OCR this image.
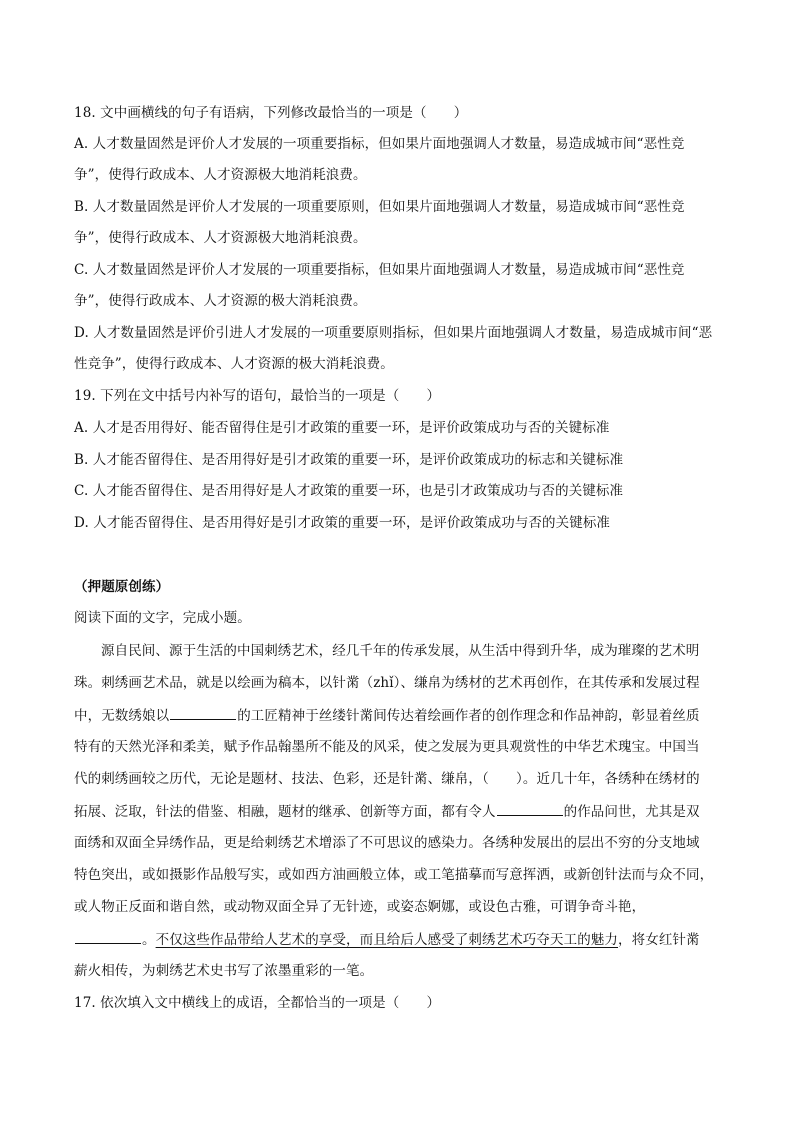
18. 文中画横线的句子有语病，下列修改最恰当的一项是（　　）
A. 人才数量固然是评价人才发展的一项重要指标，但如果片面地强调人才数量，易造成城市间“恶性竞
争”，使得行政成本、人才资源极大地消耗浪费。
B. 人才数量固然是评价人才发展的一项重要原则，但如果片面地强调人才数量，易造成城市间“恶性竞
争”，使得行政成本、人才资源极大地消耗浪费。
C. 人才数量固然是评价人才发展的一项重要指标，但如果片面地强调人才数量，易造成城市间“恶性竞
争”，使得行政成本、人才资源的极大消耗浪费。
D. 人才数量固然是评价引进人才发展的一项重要原则指标，但如果片面地强调人才数量，易造成城市间“恶
性竞争”，使得行政成本、人才资源的极大消耗浪费。
19. 下列在文中括号内补写的语句，最恰当的一项是（　　）
A. 人才是否用得好、能否留得住是引才政策的重要一环，是评价政策成功与否的关键标准
B. 人才能否留得住、是否用得好是引才政策的重要一环，是评价政策成功的标志和关键标准
C. 人才能否留得住、是否用得好是人才政策的重要一环，也是引才政策成功与否的关键标准
D. 人才能否留得住、是否用得好是引才政策的重要一环，是评价政策成功与否的关键标准
（押题原创练）
阅读下面的文字，完成小题。
源自民间、源于生活的中国刺绣艺术，经几千年的传承发展，从生活中得到升华，成为璀璨的艺术明
珠。刺绣画艺术品，就是以绘画为稿本，以针黹（zhǐ）、缣帛为绣材的艺术再创作，在其传承和发展过程
中，无数绣娘以	的工匠精神于丝缕针黹间传达着绘画作者的创作理念和作品神韵，彰显着丝质
特有的天然光泽和柔美，赋予作品翰墨所不能及的风采，使之发展为更具观赏性的中华艺术瑰宝。中国当
代的刺绣画较之历代，无论是题材、技法、色彩，还是针黹、缣帛，（　　）。近几十年，各绣种在绣材的
拓展、泛取，针法的借鉴、相融，题材的继承、创新等方面，都有令人	的作品问世，尤其是双
面绣和双面全异绣作品，更是给刺绣艺术增添了不可思议的感染力。各绣种发展出的层出不穷的分支地域
特色突出，或如摄影作品般写实，或如西方油画般立体，或工笔描摹而写意挥洒，或新创针法而与众不同，
或人物正反面和谐自然，或动物双面全异了无针迹，或姿态婀娜，或设色古雅，可谓争奇斗艳，
。不仅这些作品带给人艺术的享受，而且给后人感受了刺绣艺术巧夺天工的魅力，将女红针黹
薪火相传，为刺绣艺术史书写了浓墨重彩的一笔。
17. 依次填入文中横线上的成语，全都恰当的一项是（　　）
